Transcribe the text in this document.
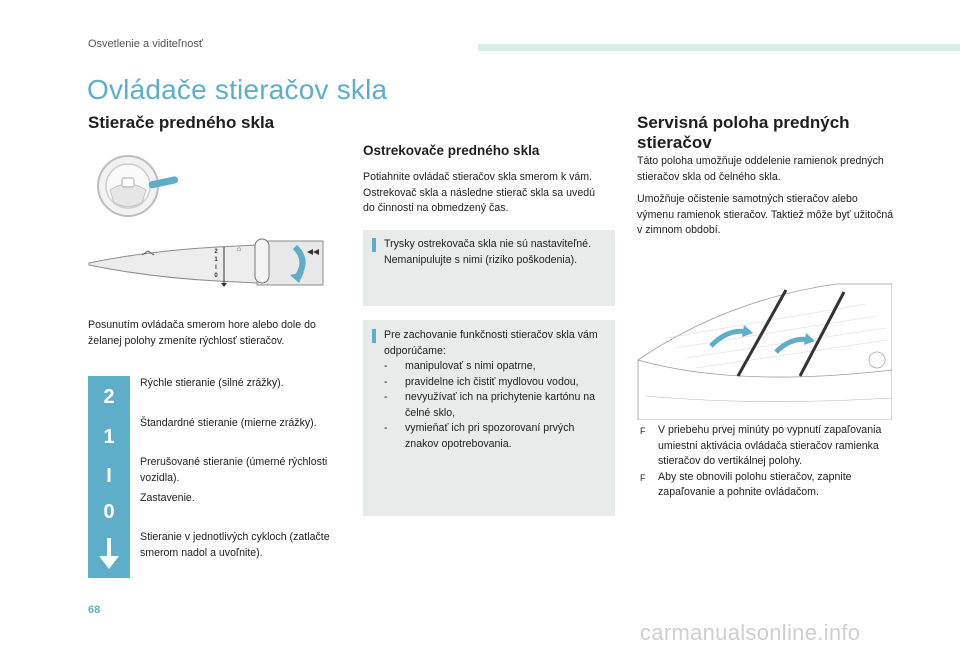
Osvetlenie a viditeľnosť
Ovládače stieračov skla
Stierače predného skla
⌂
2
1
I
0

Posunutím ovládača smerom hore alebo dole do želanej polohy zmeníte rýchlosť stieračov.

2
Rýchle stieranie (silné zrážky).
1
Štandardné stieranie (mierne zrážky).
I
Prerušované stieranie (úmerné rýchlosti vozidla).
0
Zastavenie.
Stieranie v jednotlivých cykloch (zatlačte smerom nadol a uvoľnite).
Ostrekovače predného skla

Potiahnite ovládač stieračov skla smerom k vám. Ostrekovač skla a následne stierač skla sa uvedú do činnosti na obmedzený čas.

Trysky ostrekovača skla nie sú nastaviteľné. Nemanipulujte s nimi (riziko poškodenia).

Pre zachovanie funkčnosti stieračov skla vám odporúčame:

- manipulovať s nimi opatrne,
- pravidelne ich čistiť mydlovou vodou,
- nevyužívať ich na prichytenie kartónu na čelné sklo,
- vymieňať ich pri spozorovaní prvých znakov opotrebovania.
Servisná poloha predných stieračov

Táto poloha umožňuje oddelenie ramienok predných stieračov skla od čelného skla.

Umožňuje očistenie samotných stieračov alebo výmenu ramienok stieračov. Taktiež môže byť užitočná v zimnom období.

F V priebehu prvej minúty po vypnutí zapaľovania umiestni aktivácia ovládača stieračov ramienka stieračov do vertikálnej polohy.
F Aby ste obnovili polohu stieračov, zapnite zapaľovanie a pohnite ovládačom.
68
carmanualsonline.info
